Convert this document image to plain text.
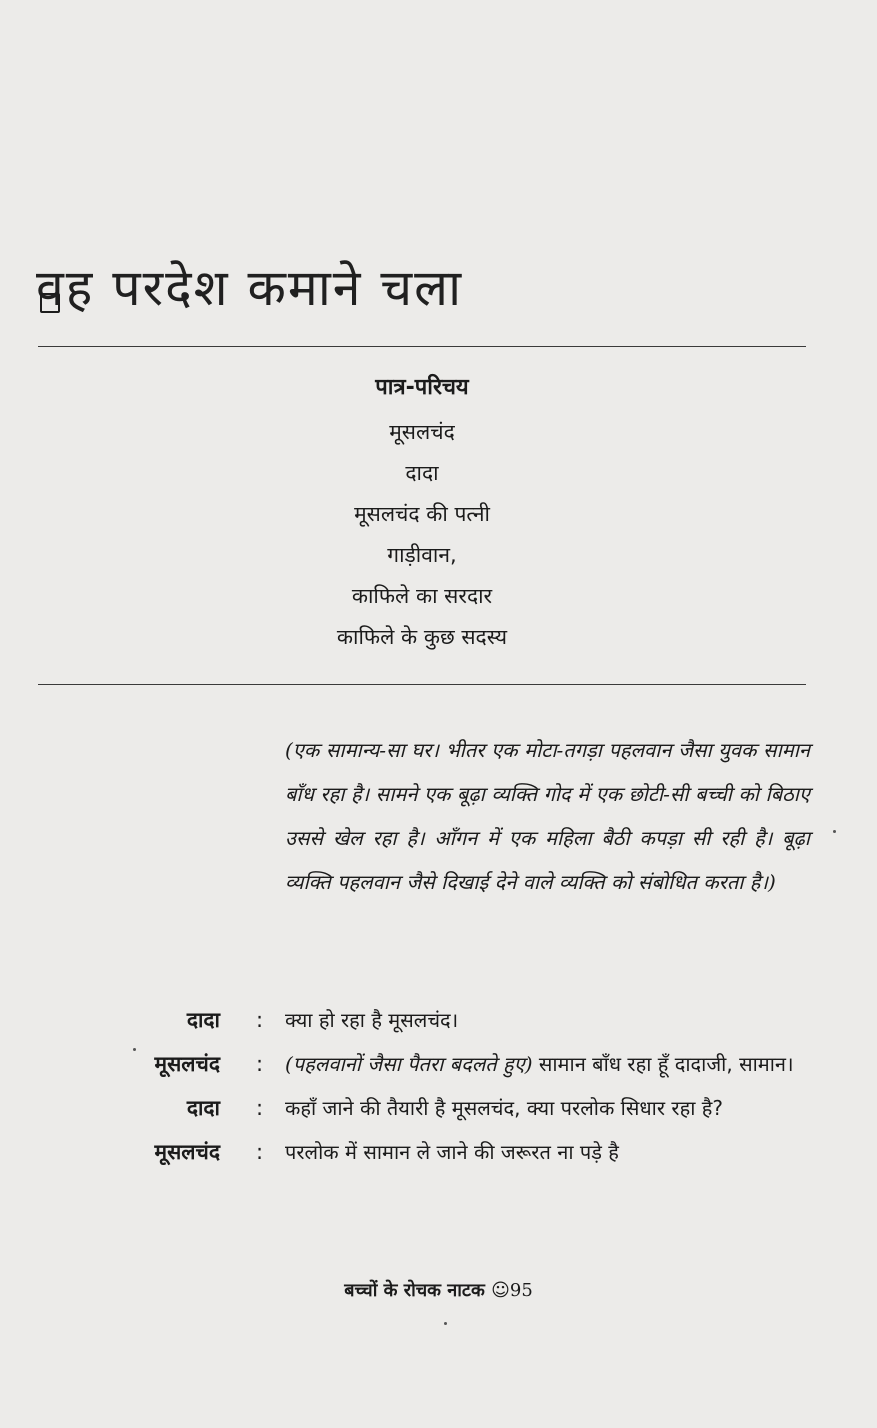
वह परदेश कमाने चला
पात्र-परिचय
मूसलचंद
दादा
मूसलचंद की पत्नी
गाड़ीवान,
काफिले का सरदार
काफिले के कुछ सदस्य

(एक सामान्य-सा घर। भीतर एक मोटा-तगड़ा पहलवान जैसा युवक सामान बाँध रहा है। सामने एक बूढ़ा व्यक्ति गोद में एक छोटी-सी बच्ची को बिठाए उससे खेल रहा है। आँगन में एक महिला बैठी कपड़ा सी रही है। बूढ़ा व्यक्ति पहलवान जैसे दिखाई देने वाले व्यक्ति को संबोधित करता है।)

दादा : क्या हो रहा है मूसलचंद।
मूसलचंद : (पहलवानों जैसा पैतरा बदलते हुए) सामान बाँध रहा हूँ दादाजी, सामान।
दादा : कहाँ जाने की तैयारी है मूसलचंद, क्या परलोक सिधार रहा है?
मूसलचंद : परलोक में सामान ले जाने की जरूरत ना पड़े है
बच्चों के रोचक नाटक ☺95
